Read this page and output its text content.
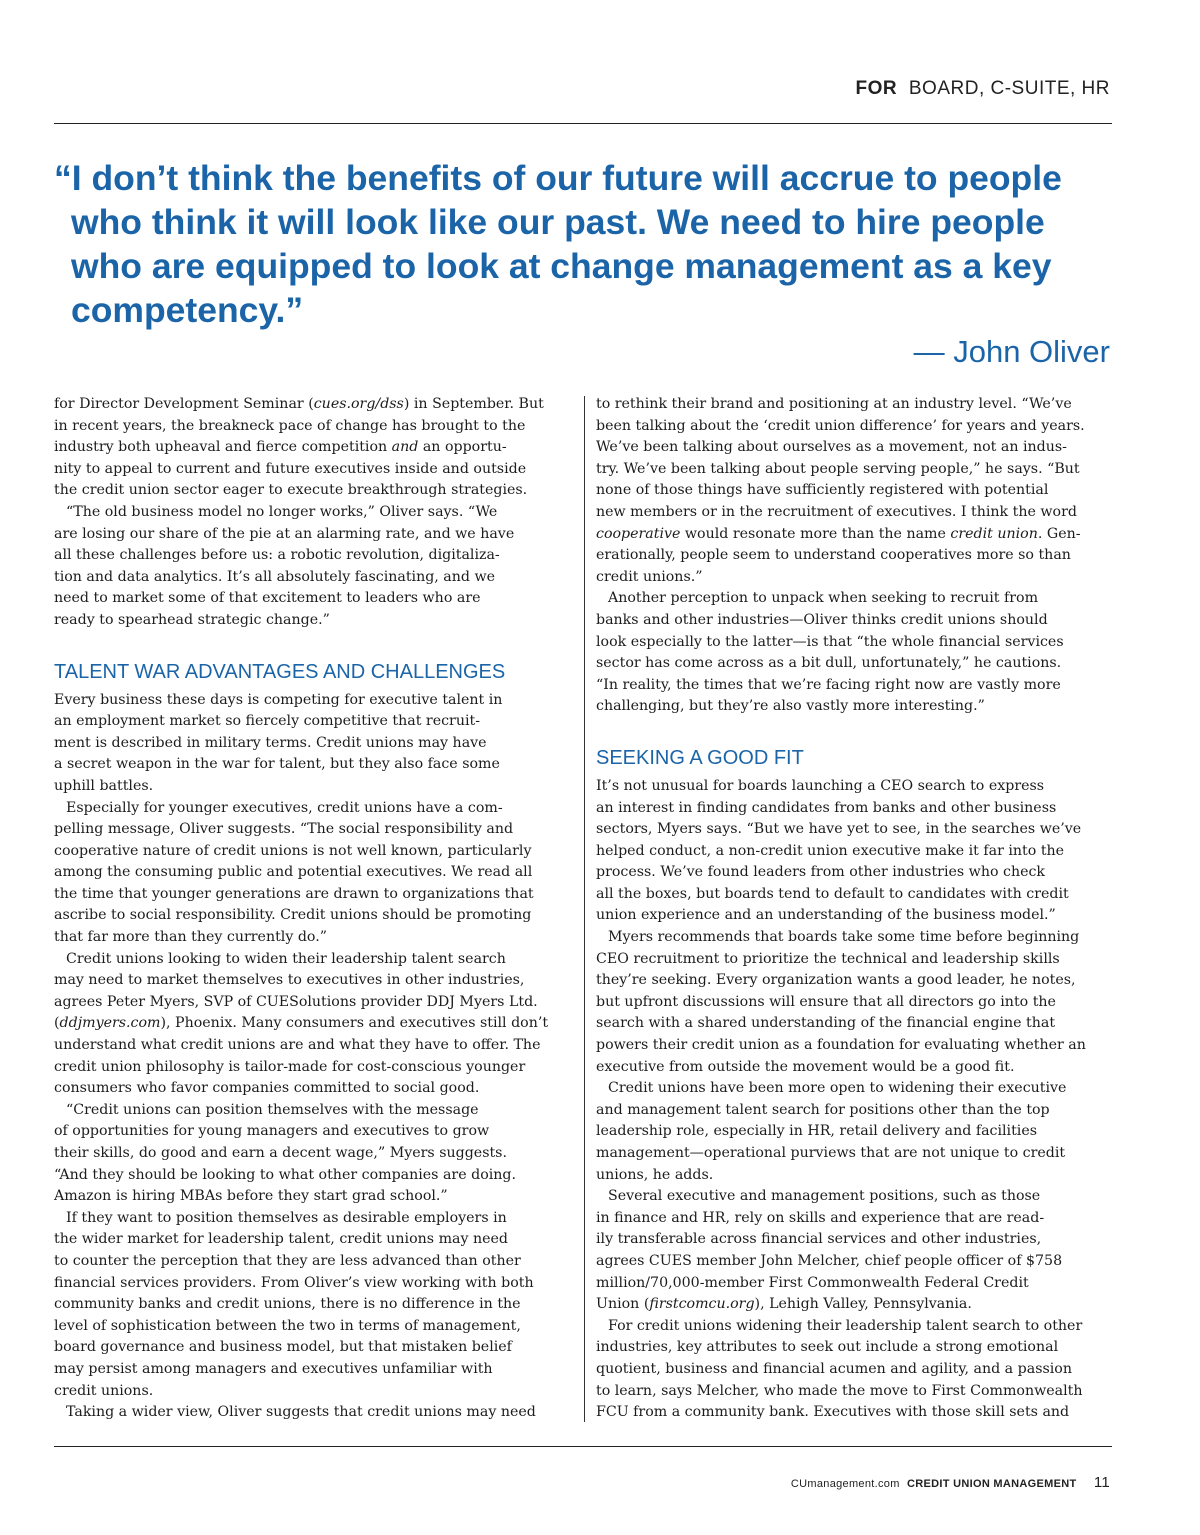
FOR BOARD, C-SUITE, HR
“I don’t think the benefits of our future will accrue to people
who think it will look like our past. We need to hire people
who are equipped to look at change management as a key
competency.”
— John Oliver
for Director Development Seminar (cues.org/dss) in September. But
in recent years, the breakneck pace of change has brought to the
industry both upheaval and fierce competition and an opportu-
nity to appeal to current and future executives inside and outside
the credit union sector eager to execute breakthrough strategies.
“The old business model no longer works,” Oliver says. “We
are losing our share of the pie at an alarming rate, and we have
all these challenges before us: a robotic revolution, digitaliza-
tion and data analytics. It’s all absolutely fascinating, and we
need to market some of that excitement to leaders who are
ready to spearhead strategic change.”
TALENT WAR ADVANTAGES AND CHALLENGES
Every business these days is competing for executive talent in
an employment market so fiercely competitive that recruit-
ment is described in military terms. Credit unions may have
a secret weapon in the war for talent, but they also face some
uphill battles.
Especially for younger executives, credit unions have a com-
pelling message, Oliver suggests. “The social responsibility and
cooperative nature of credit unions is not well known, particularly
among the consuming public and potential executives. We read all
the time that younger generations are drawn to organizations that
ascribe to social responsibility. Credit unions should be promoting
that far more than they currently do.”
Credit unions looking to widen their leadership talent search
may need to market themselves to executives in other industries,
agrees Peter Myers, SVP of CUESolutions provider DDJ Myers Ltd.
(ddjmyers.com), Phoenix. Many consumers and executives still don’t
understand what credit unions are and what they have to offer. The
credit union philosophy is tailor-made for cost-conscious younger
consumers who favor companies committed to social good.
“Credit unions can position themselves with the message
of opportunities for young managers and executives to grow
their skills, do good and earn a decent wage,” Myers suggests.
“And they should be looking to what other companies are doing.
Amazon is hiring MBAs before they start grad school.”
If they want to position themselves as desirable employers in
the wider market for leadership talent, credit unions may need
to counter the perception that they are less advanced than other
financial services providers. From Oliver’s view working with both
community banks and credit unions, there is no difference in the
level of sophistication between the two in terms of management,
board governance and business model, but that mistaken belief
may persist among managers and executives unfamiliar with
credit unions.
Taking a wider view, Oliver suggests that credit unions may need
to rethink their brand and positioning at an industry level. “We’ve
been talking about the ‘credit union difference’ for years and years.
We’ve been talking about ourselves as a movement, not an indus-
try. We’ve been talking about people serving people,” he says. “But
none of those things have sufficiently registered with potential
new members or in the recruitment of executives. I think the word
cooperative would resonate more than the name credit union. Gen-
erationally, people seem to understand cooperatives more so than
credit unions.”
Another perception to unpack when seeking to recruit from
banks and other industries—Oliver thinks credit unions should
look especially to the latter—is that “the whole financial services
sector has come across as a bit dull, unfortunately,” he cautions.
“In reality, the times that we’re facing right now are vastly more
challenging, but they’re also vastly more interesting.”
SEEKING A GOOD FIT
It’s not unusual for boards launching a CEO search to express
an interest in finding candidates from banks and other business
sectors, Myers says. “But we have yet to see, in the searches we’ve
helped conduct, a non-credit union executive make it far into the
process. We’ve found leaders from other industries who check
all the boxes, but boards tend to default to candidates with credit
union experience and an understanding of the business model.”
Myers recommends that boards take some time before beginning
CEO recruitment to prioritize the technical and leadership skills
they’re seeking. Every organization wants a good leader, he notes,
but upfront discussions will ensure that all directors go into the
search with a shared understanding of the financial engine that
powers their credit union as a foundation for evaluating whether an
executive from outside the movement would be a good fit.
Credit unions have been more open to widening their executive
and management talent search for positions other than the top
leadership role, especially in HR, retail delivery and facilities
management—operational purviews that are not unique to credit
unions, he adds.
Several executive and management positions, such as those
in finance and HR, rely on skills and experience that are read-
ily transferable across financial services and other industries,
agrees CUES member John Melcher, chief people officer of $758
million/70,000-member First Commonwealth Federal Credit
Union (firstcomcu.org), Lehigh Valley, Pennsylvania.
For credit unions widening their leadership talent search to other
industries, key attributes to seek out include a strong emotional
quotient, business and financial acumen and agility, and a passion
to learn, says Melcher, who made the move to First Commonwealth
FCU from a community bank. Executives with those skill sets and
CUmanagement.com CREDIT UNION MANAGEMENT 11
